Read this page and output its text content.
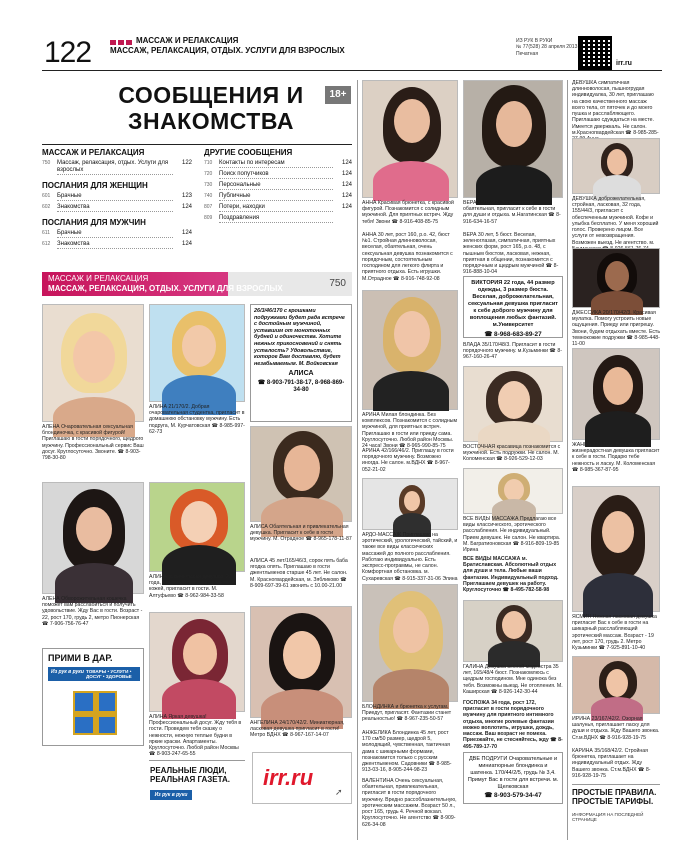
122	МАССАЖ И РЕЛАКСАЦИЯ
МАССАЖ, РЕЛАКСАЦИЯ, ОТДЫХ. УСЛУГИ ДЛЯ ВЗРОСЛЫХ
ИЗ РУК В РУКИ
№ 77(528) 28 апреля 2013
Печатная
irr.ru
СООБЩЕНИЯ И ЗНАКОМСТВА
18+
МАССАЖ И РЕЛАКСАЦИЯ
750	Массаж, релаксация, отдых. Услуги для взрослых
122
ПОСЛАНИЯ ДЛЯ ЖЕНЩИН
601	Брачные	123
602	Знакомства	124
ПОСЛАНИЯ ДЛЯ МУЖЧИН
611	Брачные	124
612	Знакомства	124
ДРУГИЕ СООБЩЕНИЯ
710	Контакты по интересам	124
720	Поиск попутчиков	124
730	Персональные	124
740	Публичные	124
807	Потери, находки	124
809	Поздравления
МАССАЖ И РЕЛАКСАЦИЯ
МАССАЖ, РЕЛАКСАЦИЯ, ОТДЫХ. УСЛУГИ ДЛЯ ВЗРОСЛЫХ	750
АЛЕНА Очаровательная сексуальная блондиночка, с красивой фигурой! Приглашаю в гости порядочного, щедрого мужчину. Профессиональный сервис Ваш досуг. Круглосуточно. Звоните. ☎ 8-903-798-30-80
АЛИНА 21/170/2. Добрая очаровательная студентка, пригласит в домашнюю обстановку мужчину. Есть подруга, М. Курчатовская ☎ 8-985-997-62-73
26/3/46/170 с крошками подружками будет рада встрече с достойным мужчиной, уставшим от монотонных будней и одиночества. Хотите нежных прикосновений и снять усталость? Удовольствие, которое Вам доставлю, будет незабываемым. М. Войковская
АЛИСА
☎ 8-903-791-38-17, 8-968-869-34-80
АЛИСА Обаятельная и привлекательная девушка. Пригласит к себе в гости мужчину. М. Отрадное ☎ 8-965-178-11-87
АЛЕНА Обворожительная кошечка поможет вам расслабиться и получить удовольствие. Жду Вас в гости. Возраст - 22, рост 170, грудь 2, метро Пионерская ☎ 7-906-756-76-47
АЛИНА рыжеволосая девушка, 22 года, с пышной фигурой, шелковой кожей, пригласит в гости. М. Алтуфьево ☎ 8-962-984-33-58
АЛИСА 45 лет/165/46/3, сорок пять баба ягодка опять. Приглашаю в гости джентльменов старше 45 лет. Не салон. М. Красногвардейская, м. Зябликово ☎ 8-909-697-39-61 звонить с 10.00-21.00
ПРИМИ В ДАР.
Из рук в руки ТОВАРЫ • УСЛУГИ • ДОСУГ • ЗДОРОВЬЕ
АЛИНА Яркая девушка! Профессиональный досуг. Жду тебя в гости. Проведем тебя сказку о нежности, нежную теплые будни в яркие краски. Апартаменты. Круглосуточно. Любой район Москвы ☎ 8-903-247-65-55
АНГЕЛИНА 24/170/42/2. Миниатюрная, ласковая девушка пригласит в гости! Метро ВДНХ ☎ 8-967-167-14-07
РЕАЛЬНЫЕ ЛЮДИ, РЕАЛЬНАЯ ГАЗЕТА.
Из рук в руки
irr.ru
➚
АННА Красивая брюнетка, с красивой фигурой. Познакомится с солидным мужчиной. Для приятных встреч. Жду тебя! Звони ☎ 8-916-408-85-75
ВЕРА 15/169/2. Загадочная и обаятельная, пригласит к себе в гости для души и отдыха. м.Нагатинская ☎ 8-916-634-16-57
АННА 30 лет, рост 160, р.о. 42, бюст №1. Стройная длинноволосая, веселая, обаятельная, очень сексуальная девушка познакомится с порядочным, состоятельным господином для легкого флирта и приятного отдыха. Есть игрушки. М.Отрадное ☎ 8-916-748-92-08
ВЕРА 30 лет, 5 бюст. Веселая, зеленоглазая, симпатичная, приятных женских форм, рост 165, р.о. 48, с пышным бюстом, ласковая, нежная, приятная в общении, познакомится с порядочным и щедрым мужчиной ☎ 8-916-888-10-04
АРИНА Милая блондинка. Без комплексов. Познакомится с солидным мужчиной, для приятных встреч. Приглашаю в гости или приеду сама. Круглосуточно. Любой район Москвы. 24 часа! Звони ☎ 8-965-990-85-75
ВИКТОРИЯ 22 года, 44 размер одежды, 3 размер бюста. Веселая, доброжелательная, сексуальная девушка пригласит к себе доброго мужчину для воплощения любых фантазий. м.Университет
☎ 8-968-683-89-27
ВЛАДА 35/170/48/3. Пригласит в гости порядочного мужчину. м.Кузьминки ☎ 8-967-160-26-47
ВОСТОЧНАЯ красавица познакомится с мужчиной. Есть подружки. Не салон. М. Коломенская ☎ 8-926-529-12-03
АРИНА 42/166/46/2. Приглашу в гости порядочного мужчину. Возможно иногда. Не салон. м.ВДНХ ☎ 8-967-052-21-02
АРДО-МАССАЖ Приглашаю на эротический, урологический, тайский, и также все виды классических массажей до полного расслабления. Работаю индивидуально. Есть экспресс-программы, не салон. Комфортная обстановка. м. Сухаревская ☎ 8-915-337-31-06 Элина
ВСЕ ВИДЫ МАССАЖА Предлагаю все виды классического, эротического расслабления. Не индивидуальный. Прием девушек. Не салон. Не квартира. М. Багратионовская ☎ 8-916-809-19-85 Ирина
ВСЕ ВИДЫ МАССАЖА м. Братиславская. Абсолютный отдых для души и тела. Любые ваши фантазии. Индивидуальный подход. Приглашаем девушек на работу. Круглосуточно ☎ 8-495-782-58-98
БЛОНДИНКА и брюнетка к услугам. Приедут, пригласят. Фантазии станет реальностью! ☎ 8-967-235-50-57
ГАЛИНА Девушка весной модеостра 35 лет, 165/48/4 бюст. Познакомлюсь с щедрым господином. Мне одинока без тебя. Возможны выезд. Не отопления. М. Каширская ☎ 8-926-142-30-44
ГОСПОЖА 34 года, рост 172, пригласит в гости порядочного мужчину для приятного интимного отдыха, многие ролевые фантазии можно воплотить, игрушки, дождь, массаж. Ваш возраст не помеха. Приезжайте, не стесняйтесь, жду ☎ 8-495-789-17-70
АНЖЕЛИКА Блондинка 45 лет, рост 170 см/50 размер, щедрой 5, молодящий, чувственная, тактичная дама с шикарными формами, познакомится только с русским джентльменом. Садовники ☎ 8-985-913-03-16, 8-905-244-98-23
ДВЕ ПОДРУГИ Очаровательные и миниатюрные блондинка и шатенка. 170/44/2/5, грудь № 3,4. Примут Вас в гости для встречи. м. Щелковская
☎ 8-903-579-34-47
ВАЛЕНТИНА Очень сексуальная, обаятельная, привлекательная, пригласит в гости порядочного мужчину. Вредно рассоблазнительную, эротическим массажем. Возраст 50 л., рост 165, грудь 4. Речной вокзал. Круглосуточно. Не агентство ☎ 8-909-626-34-08
ДЕВУШКА симпатичная длинноволосая, пышногрудая индивидуалка, 30 лет, приглашаю на свою качественного массаж всего тела, от пяточек и до моего пушка и расслабляющего. Приглашаю сдуждаться на месте. Имеется двержкаль. Не салон. м.Красногвардейская ☎ 8-985-285-
ДЕВУШКА доброжелательная, стройная, ласковая, 32 года, 155/44/3, пригласит с обеспеченным мужчиной. Кофе и улыбка бесплатно. У меня хороший голос. Проверено лицом. Все услуги от невозвращения. Возможен выезд. Не агентство. м.
ДЖЕССИКА 20/170/42/3. Красивая мулатка. Помогу устроить новые ощущения. Приеду или пригрешу. Звони, будем отдыхать вместе. Есть темнокожие подружки ☎ 8-985-448-11-00
ЖАННА 19/170/2. Веселая, жизнерадостная девушка пригласит к себе в гости. Подарю тебе нежность и ласку. М. Коломенская ☎ 8-985-367-87-95
ЯСМИН Нежная ласковая девушка пригласит Вас к себе в гости на шикарный расслабляющий эротический массаж. Возраст - 19 лет, рост 170, грудь 2. Метро Кузьминки ☎ 7-925-891-10-40
ИРИНА 23/167/42/2. Озорная шалунья, приглашает ласку для души и отдыха. Жду Вашего звонка. Ст.м.ВДНХ ☎ 8-916-928-19-75
КАРИНА 35/168/42/2. Стройная брюнетка, приглашает на индивидуальный отдых. Жду Вашего звонка. Ст.м.ВДНХ ☎ 8-916-928-19-75
ПРОСТЫЕ ПРАВИЛА. ПРОСТЫЕ ТАРИФЫ.
ИНФОРМАЦИЯ НА ПОСЛЕДНЕЙ СТРАНИЦЕ
